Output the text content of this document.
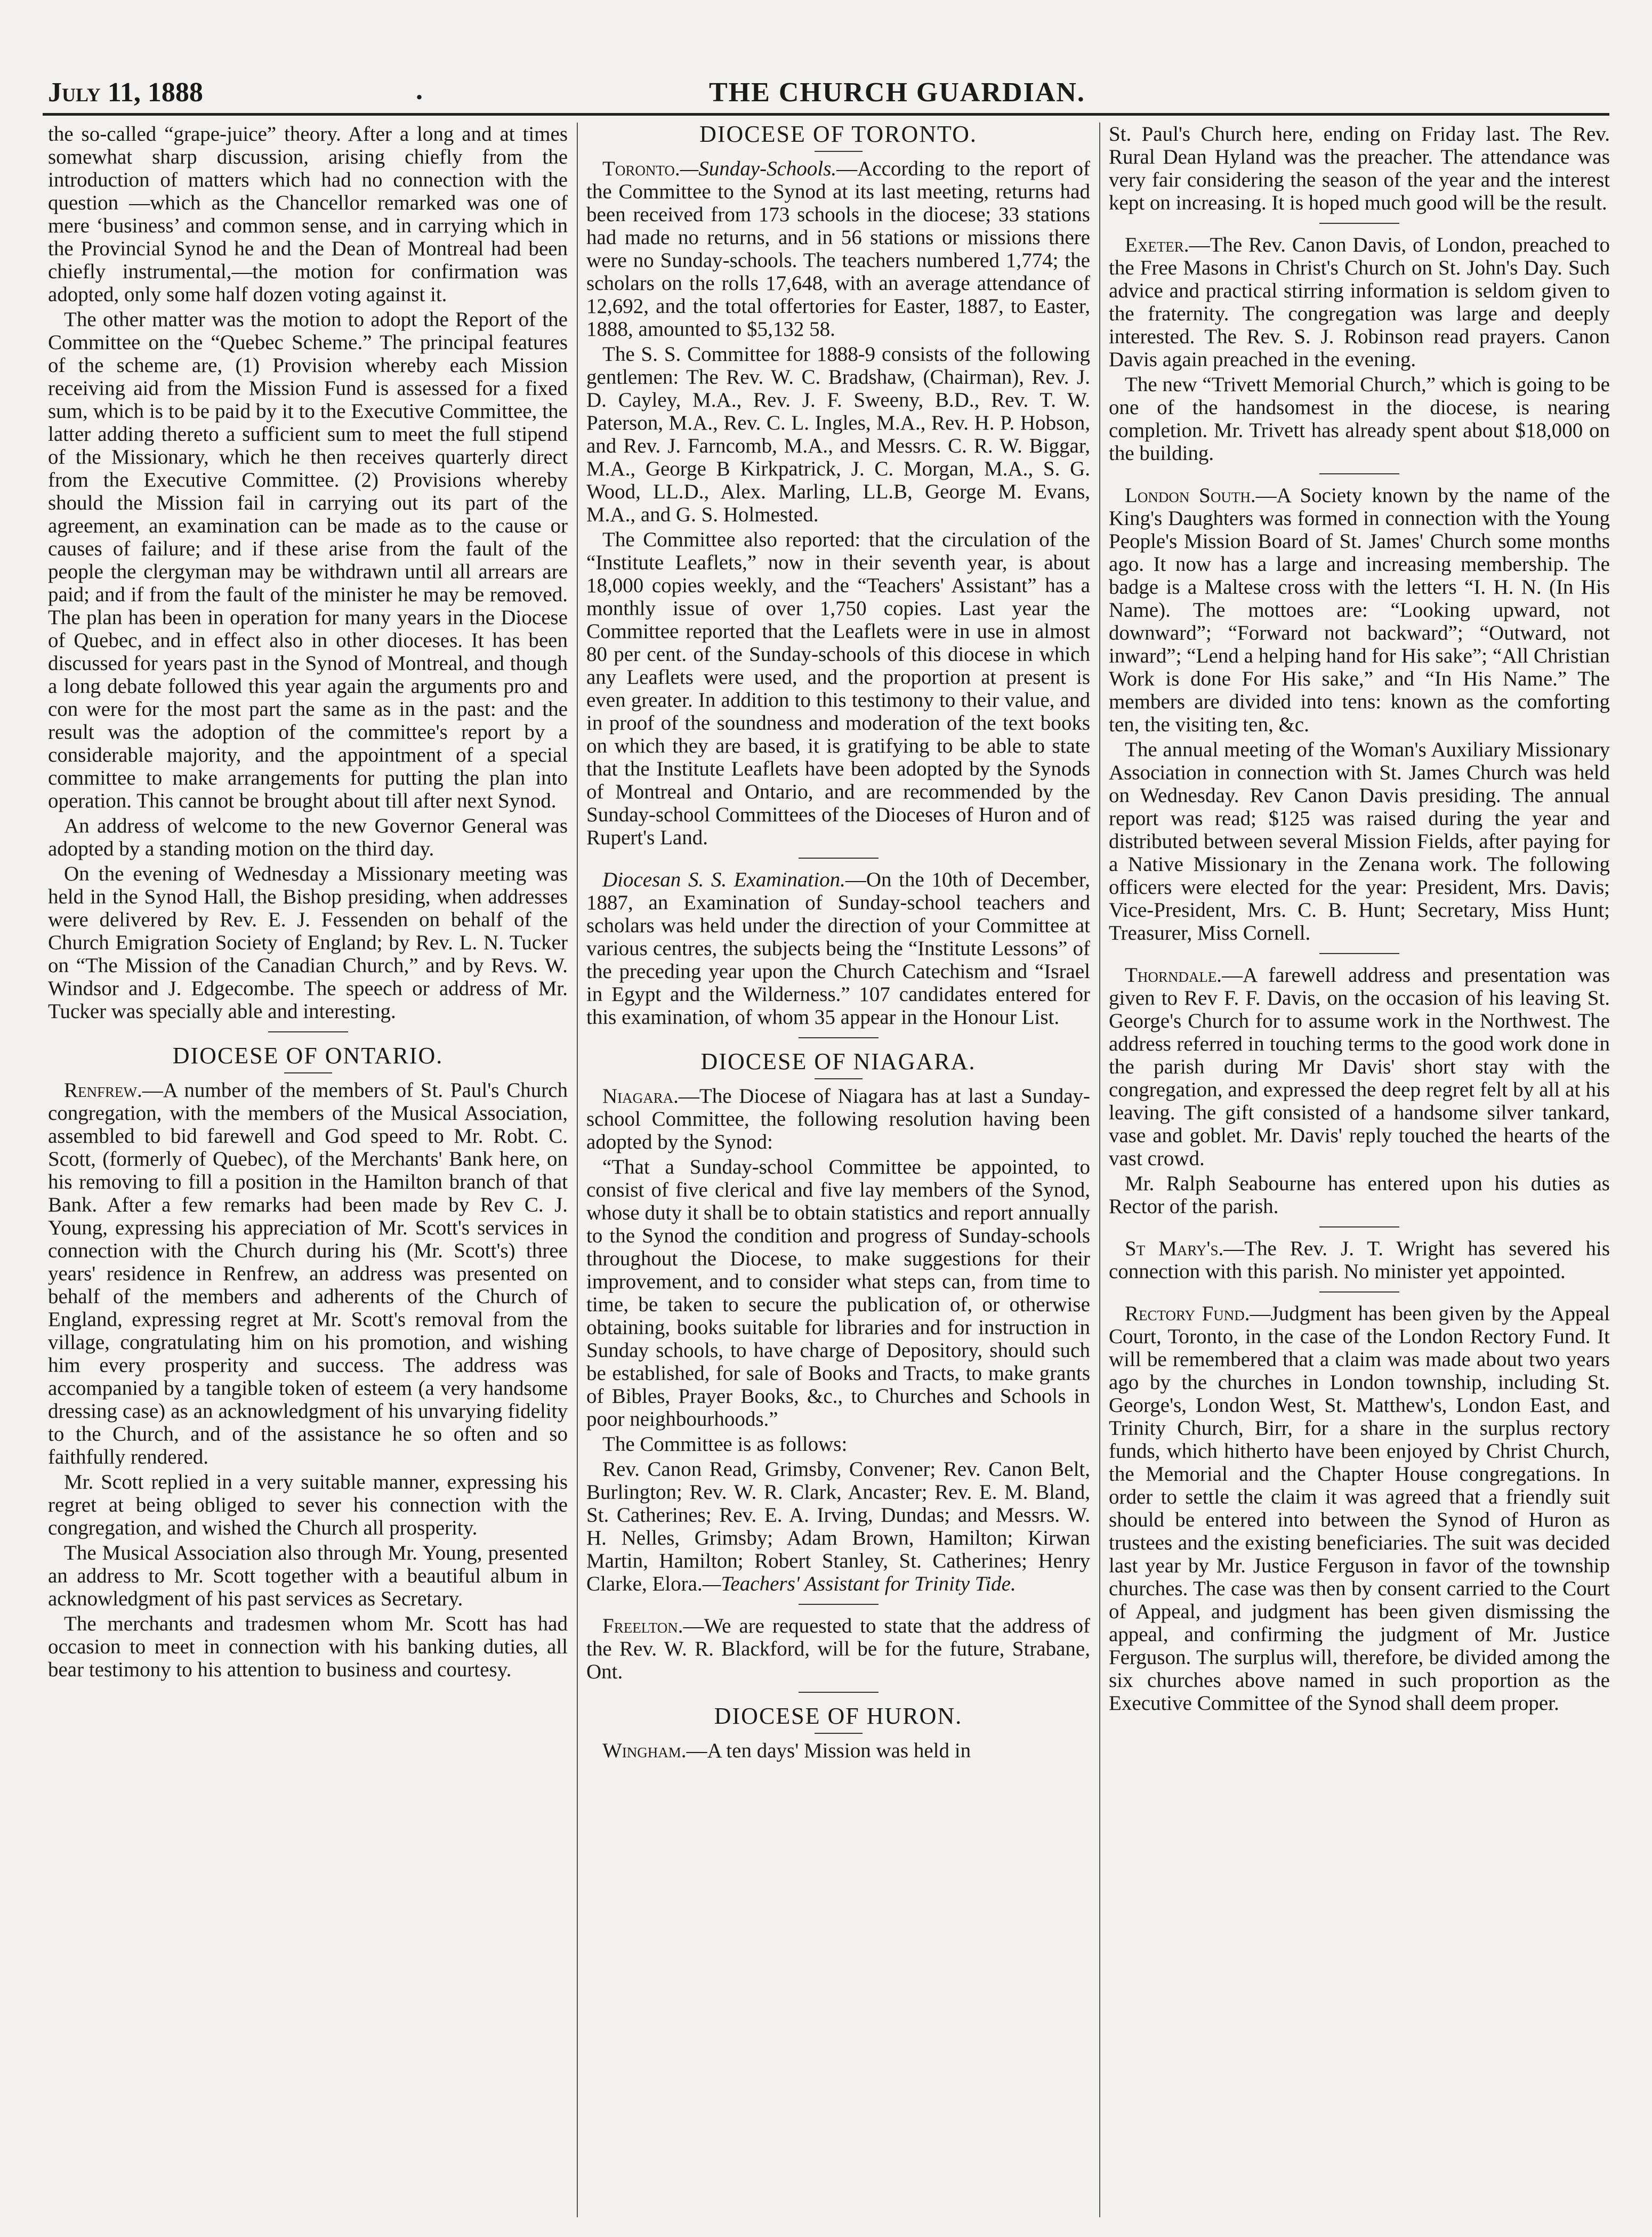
July 11, 1888	.	THE CHURCH GUARDIAN.

the so-called “grape-juice” theory. After a long and at times somewhat sharp discussion, arising chiefly from the introduction of matters which had no connection with the question —which as the Chancellor remarked was one of mere ‘business’ and common sense, and in carrying which in the Provincial Synod he and the Dean of Montreal had been chiefly instrumental,—the motion for confirmation was adopted, only some half dozen voting against it.

The other matter was the motion to adopt the Report of the Committee on the “Quebec Scheme.” The principal features of the scheme are, (1) Provision whereby each Mission receiving aid from the Mission Fund is assessed for a fixed sum, which is to be paid by it to the Executive Committee, the latter adding thereto a sufficient sum to meet the full stipend of the Missionary, which he then receives quarterly direct from the Executive Committee. (2) Provisions whereby should the Mission fail in carrying out its part of the agreement, an examination can be made as to the cause or causes of failure; and if these arise from the fault of the people the clergyman may be withdrawn until all arrears are paid; and if from the fault of the minister he may be removed. The plan has been in operation for many years in the Diocese of Quebec, and in effect also in other dioceses. It has been discussed for years past in the Synod of Montreal, and though a long debate followed this year again the arguments pro and con were for the most part the same as in the past: and the result was the adoption of the committee's report by a considerable majority, and the appointment of a special committee to make arrangements for putting the plan into operation. This cannot be brought about till after next Synod.

An address of welcome to the new Governor General was adopted by a standing motion on the third day.

On the evening of Wednesday a Missionary meeting was held in the Synod Hall, the Bishop presiding, when addresses were delivered by Rev. E. J. Fessenden on behalf of the Church Emigration Society of England; by Rev. L. N. Tucker on “The Mission of the Canadian Church,” and by Revs. W. Windsor and J. Edgecombe. The speech or address of Mr. Tucker was specially able and interesting.

DIOCESE OF ONTARIO.

Renfrew.—A number of the members of St. Paul's Church congregation, with the members of the Musical Association, assembled to bid farewell and God speed to Mr. Robt. C. Scott, (formerly of Quebec), of the Merchants' Bank here, on his removing to fill a position in the Hamilton branch of that Bank. After a few remarks had been made by Rev C. J. Young, expressing his appreciation of Mr. Scott's services in connection with the Church during his (Mr. Scott's) three years' residence in Renfrew, an address was presented on behalf of the members and adherents of the Church of England, expressing regret at Mr. Scott's removal from the village, congratulating him on his promotion, and wishing him every prosperity and success. The address was accompanied by a tangible token of esteem (a very handsome dressing case) as an acknowledgment of his unvarying fidelity to the Church, and of the assistance he so often and so faithfully rendered.

Mr. Scott replied in a very suitable manner, expressing his regret at being obliged to sever his connection with the congregation, and wished the Church all prosperity.

The Musical Association also through Mr. Young, presented an address to Mr. Scott together with a beautiful album in acknowledgment of his past services as Secretary.

The merchants and tradesmen whom Mr. Scott has had occasion to meet in connection with his banking duties, all bear testimony to his attention to business and courtesy.

DIOCESE OF TORONTO.

Toronto.—Sunday-Schools.—According to the report of the Committee to the Synod at its last meeting, returns had been received from 173 schools in the diocese; 33 stations had made no returns, and in 56 stations or missions there were no Sunday-schools. The teachers numbered 1,774; the scholars on the rolls 17,648, with an average attendance of 12,692, and the total offertories for Easter, 1887, to Easter, 1888, amounted to $5,132 58.

The S. S. Committee for 1888-9 consists of the following gentlemen: The Rev. W. C. Bradshaw, (Chairman), Rev. J. D. Cayley, M.A., Rev. J. F. Sweeny, B.D., Rev. T. W. Paterson, M.A., Rev. C. L. Ingles, M.A., Rev. H. P. Hobson, and Rev. J. Farncomb, M.A., and Messrs. C. R. W. Biggar, M.A., George B Kirkpatrick, J. C. Morgan, M.A., S. G. Wood, LL.D., Alex. Marling, LL.B, George M. Evans, M.A., and G. S. Holmested.

The Committee also reported: that the circulation of the “Institute Leaflets,” now in their seventh year, is about 18,000 copies weekly, and the “Teachers' Assistant” has a monthly issue of over 1,750 copies. Last year the Committee reported that the Leaflets were in use in almost 80 per cent. of the Sunday-schools of this diocese in which any Leaflets were used, and the proportion at present is even greater. In addition to this testimony to their value, and in proof of the soundness and moderation of the text books on which they are based, it is gratifying to be able to state that the Institute Leaflets have been adopted by the Synods of Montreal and Ontario, and are recommended by the Sunday-school Committees of the Dioceses of Huron and of Rupert's Land.

Diocesan S. S. Examination.—On the 10th of December, 1887, an Examination of Sunday-school teachers and scholars was held under the direction of your Committee at various centres, the subjects being the “Institute Lessons” of the preceding year upon the Church Catechism and “Israel in Egypt and the Wilderness.” 107 candidates entered for this examination, of whom 35 appear in the Honour List.

DIOCESE OF NIAGARA.

Niagara.—The Diocese of Niagara has at last a Sunday-school Committee, the following resolution having been adopted by the Synod:

“That a Sunday-school Committee be appointed, to consist of five clerical and five lay members of the Synod, whose duty it shall be to obtain statistics and report annually to the Synod the condition and progress of Sunday-schools throughout the Diocese, to make suggestions for their improvement, and to consider what steps can, from time to time, be taken to secure the publication of, or otherwise obtaining, books suitable for libraries and for instruction in Sunday schools, to have charge of Depository, should such be established, for sale of Books and Tracts, to make grants of Bibles, Prayer Books, &c., to Churches and Schools in poor neighbourhoods.”

The Committee is as follows:

Rev. Canon Read, Grimsby, Convener; Rev. Canon Belt, Burlington; Rev. W. R. Clark, Ancaster; Rev. E. M. Bland, St. Catherines; Rev. E. A. Irving, Dundas; and Messrs. W. H. Nelles, Grimsby; Adam Brown, Hamilton; Kirwan Martin, Hamilton; Robert Stanley, St. Catherines; Henry Clarke, Elora.—Teachers' Assistant for Trinity Tide.

Freelton.—We are requested to state that the address of the Rev. W. R. Blackford, will be for the future, Strabane, Ont.

DIOCESE OF HURON.

Wingham.—A ten days' Mission was held in

St. Paul's Church here, ending on Friday last. The Rev. Rural Dean Hyland was the preacher. The attendance was very fair considering the season of the year and the interest kept on increasing. It is hoped much good will be the result.

Exeter.—The Rev. Canon Davis, of London, preached to the Free Masons in Christ's Church on St. John's Day. Such advice and practical stirring information is seldom given to the fraternity. The congregation was large and deeply interested. The Rev. S. J. Robinson read prayers. Canon Davis again preached in the evening.

The new “Trivett Memorial Church,” which is going to be one of the handsomest in the diocese, is nearing completion. Mr. Trivett has already spent about $18,000 on the building.

London South.—A Society known by the name of the King's Daughters was formed in connection with the Young People's Mission Board of St. James' Church some months ago. It now has a large and increasing membership. The badge is a Maltese cross with the letters “I. H. N. (In His Name). The mottoes are: “Looking upward, not downward”; “Forward not backward”; “Outward, not inward”; “Lend a helping hand for His sake”; “All Christian Work is done For His sake,” and “In His Name.” The members are divided into tens: known as the comforting ten, the visiting ten, &c.

The annual meeting of the Woman's Auxiliary Missionary Association in connection with St. James Church was held on Wednesday. Rev Canon Davis presiding. The annual report was read; $125 was raised during the year and distributed between several Mission Fields, after paying for a Native Missionary in the Zenana work. The following officers were elected for the year: President, Mrs. Davis; Vice-President, Mrs. C. B. Hunt; Secretary, Miss Hunt; Treasurer, Miss Cornell.

Thorndale.—A farewell address and presentation was given to Rev F. F. Davis, on the occasion of his leaving St. George's Church for to assume work in the Northwest. The address referred in touching terms to the good work done in the parish during Mr Davis' short stay with the congregation, and expressed the deep regret felt by all at his leaving. The gift consisted of a handsome silver tankard, vase and goblet. Mr. Davis' reply touched the hearts of the vast crowd.

Mr. Ralph Seabourne has entered upon his duties as Rector of the parish.

St Mary's.—The Rev. J. T. Wright has severed his connection with this parish. No minister yet appointed.

Rectory Fund.—Judgment has been given by the Appeal Court, Toronto, in the case of the London Rectory Fund. It will be remembered that a claim was made about two years ago by the churches in London township, including St. George's, London West, St. Matthew's, London East, and Trinity Church, Birr, for a share in the surplus rectory funds, which hitherto have been enjoyed by Christ Church, the Memorial and the Chapter House congregations. In order to settle the claim it was agreed that a friendly suit should be entered into between the Synod of Huron as trustees and the existing beneficiaries. The suit was decided last year by Mr. Justice Ferguson in favor of the township churches. The case was then by consent carried to the Court of Appeal, and judgment has been given dismissing the appeal, and confirming the judgment of Mr. Justice Ferguson. The surplus will, therefore, be divided among the six churches above named in such proportion as the Executive Committee of the Synod shall deem proper.
